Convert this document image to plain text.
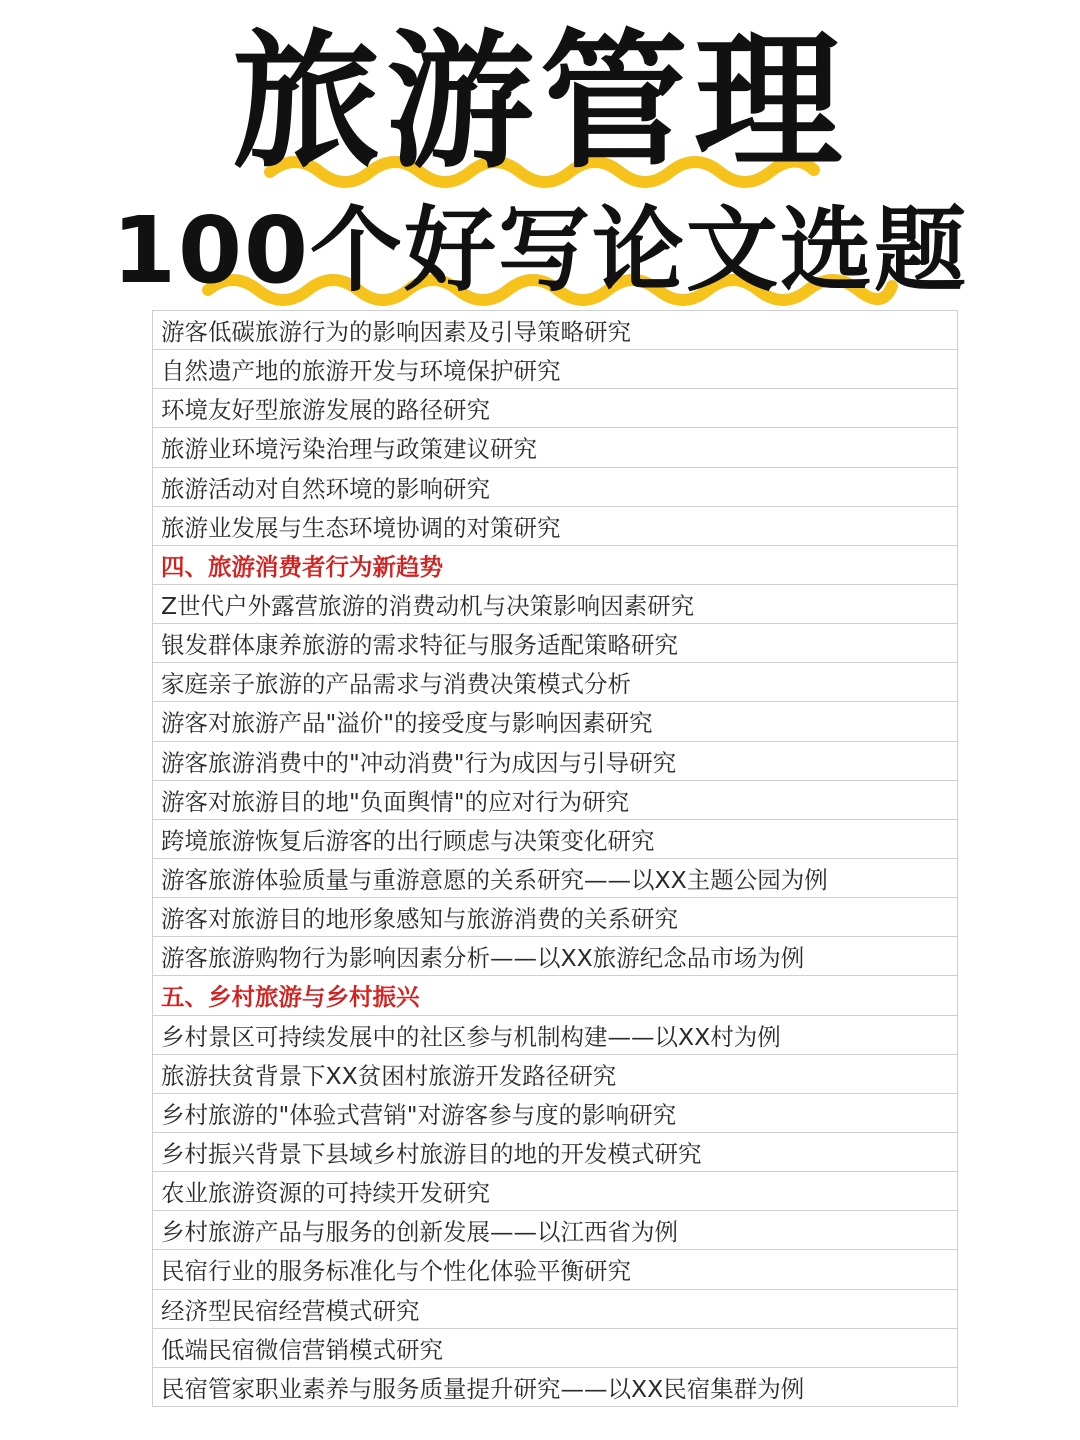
旅游管理
100个好写论文选题
游客低碳旅游行为的影响因素及引导策略研究
自然遗产地的旅游开发与环境保护研究
环境友好型旅游发展的路径研究
旅游业环境污染治理与政策建议研究
旅游活动对自然环境的影响研究
旅游业发展与生态环境协调的对策研究
四、旅游消费者行为新趋势
Z世代户外露营旅游的消费动机与决策影响因素研究
银发群体康养旅游的需求特征与服务适配策略研究
家庭亲子旅游的产品需求与消费决策模式分析
游客对旅游产品"溢价"的接受度与影响因素研究
游客旅游消费中的"冲动消费"行为成因与引导研究
游客对旅游目的地"负面舆情"的应对行为研究
跨境旅游恢复后游客的出行顾虑与决策变化研究
游客旅游体验质量与重游意愿的关系研究——以XX主题公园为例
游客对旅游目的地形象感知与旅游消费的关系研究
游客旅游购物行为影响因素分析——以XX旅游纪念品市场为例
五、乡村旅游与乡村振兴
乡村景区可持续发展中的社区参与机制构建——以XX村为例
旅游扶贫背景下XX贫困村旅游开发路径研究
乡村旅游的"体验式营销"对游客参与度的影响研究
乡村振兴背景下县域乡村旅游目的地的开发模式研究
农业旅游资源的可持续开发研究
乡村旅游产品与服务的创新发展——以江西省为例
民宿行业的服务标准化与个性化体验平衡研究
经济型民宿经营模式研究
低端民宿微信营销模式研究
民宿管家职业素养与服务质量提升研究——以XX民宿集群为例
